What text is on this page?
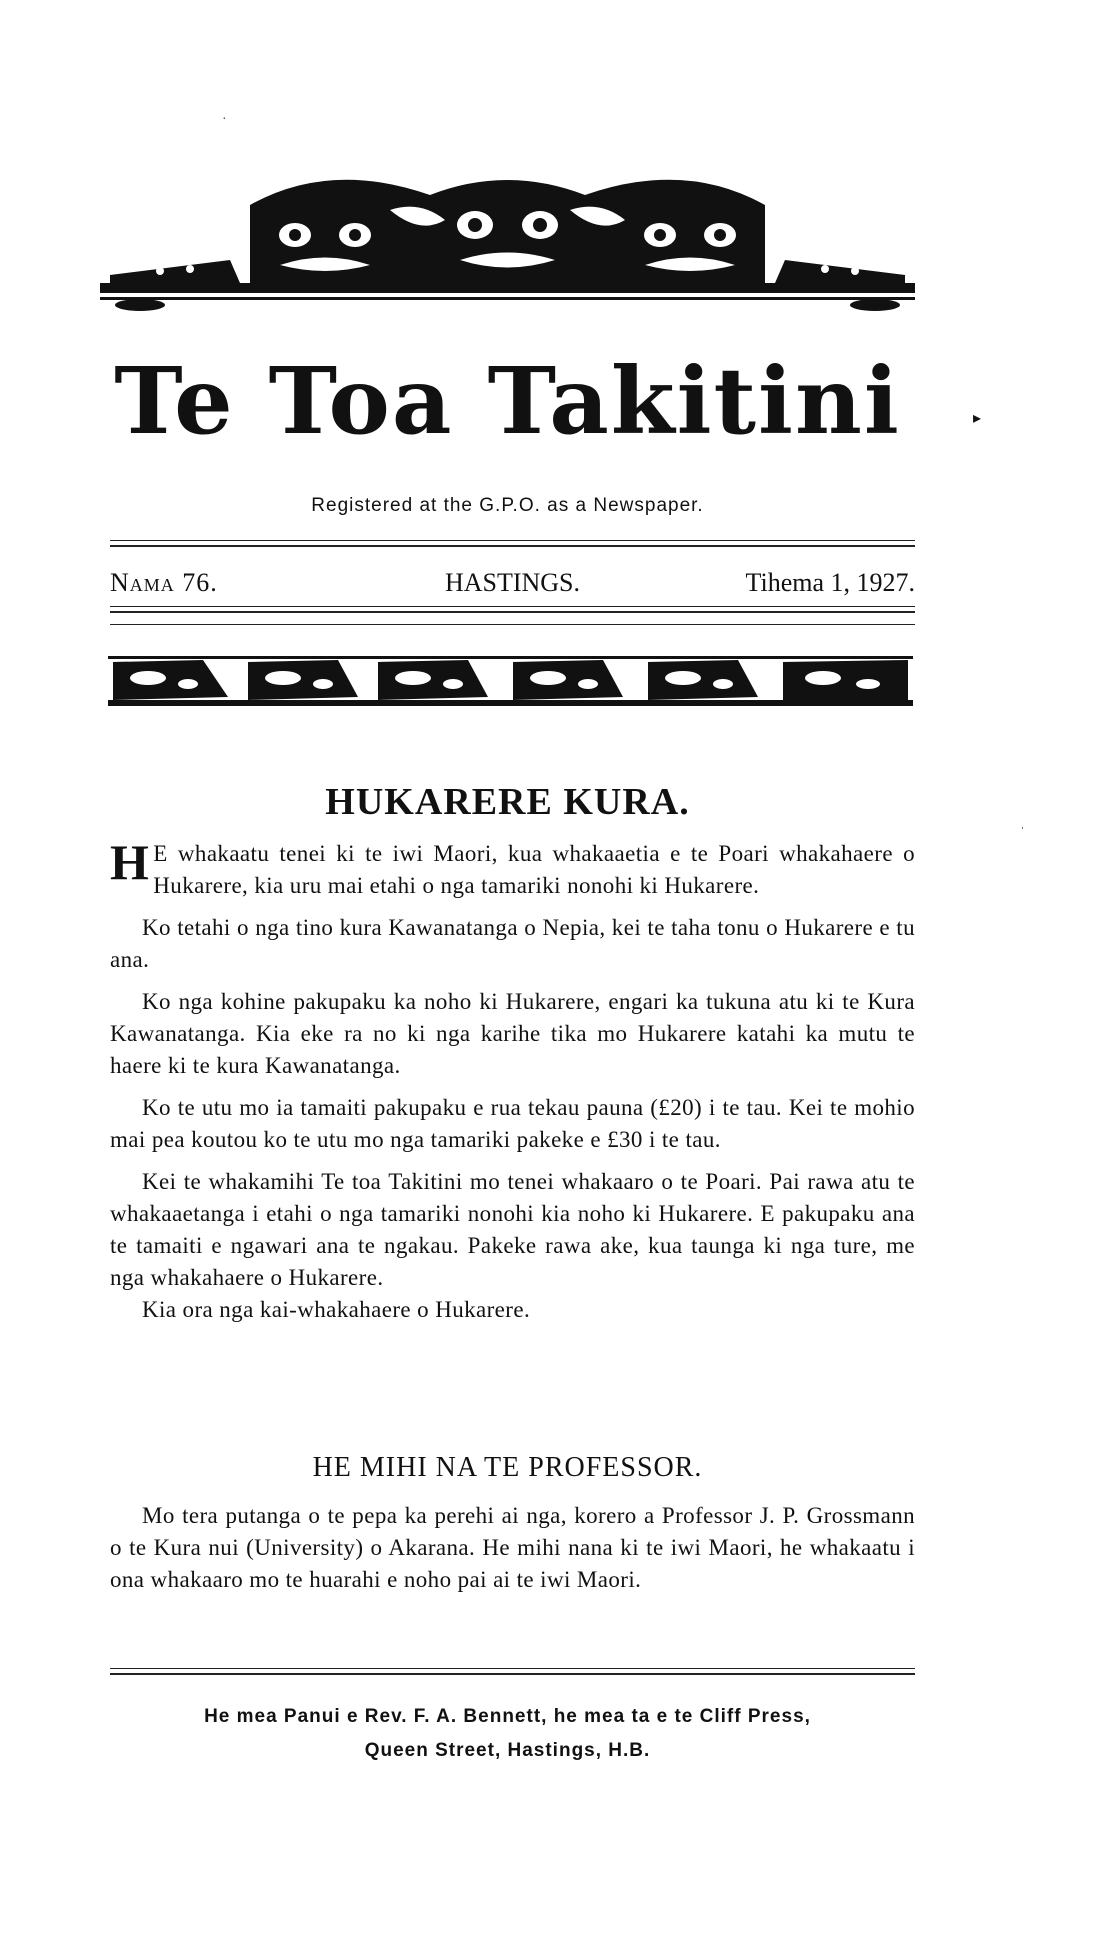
Te Toa Takitini	▸
Registered at the G.P.O. as a Newspaper.
Nama 76.	HASTINGS.	Tihema 1, 1927.
HUKARERE KURA.

H E whakaatu tenei ki te iwi Maori, kua whakaaetia e te Poari whakahaere o Hukarere, kia uru mai etahi o nga tamariki nonohi ki Hukarere.

Ko tetahi o nga tino kura Kawanatanga o Nepia, kei te taha tonu o Hukarere e tu ana.

Ko nga kohine pakupaku ka noho ki Hukarere, engari ka tukuna atu ki te Kura Kawanatanga. Kia eke ra no ki nga karihe tika mo Hukarere katahi ka mutu te haere ki te kura Kawanatanga.

Ko te utu mo ia tamaiti pakupaku e rua tekau pauna (£20) i te tau. Kei te mohio mai pea koutou ko te utu mo nga tamariki pakeke e £30 i te tau.

Kei te whakamihi Te toa Takitini mo tenei whakaaro o te Poari. Pai rawa atu te whakaaetanga i etahi o nga tamariki nonohi kia noho ki Hukarere. E pakupaku ana te tamaiti e ngawari ana te ngakau. Pakeke rawa ake, kua taunga ki nga ture, me nga whakahaere o Hukarere.

Kia ora nga kai-whakahaere o Hukarere.

HE MIHI NA TE PROFESSOR.

Mo tera putanga o te pepa ka perehi ai nga, korero a Professor J. P. Grossmann o te Kura nui (University) o Akarana. He mihi nana ki te iwi Maori, he whakaatu i ona whakaaro mo te huarahi e noho pai ai te iwi Maori.

He mea Panui e Rev. F. A. Bennett, he mea ta e te Cliff Press,
Queen Street, Hastings, H.B.
·
ˌ
